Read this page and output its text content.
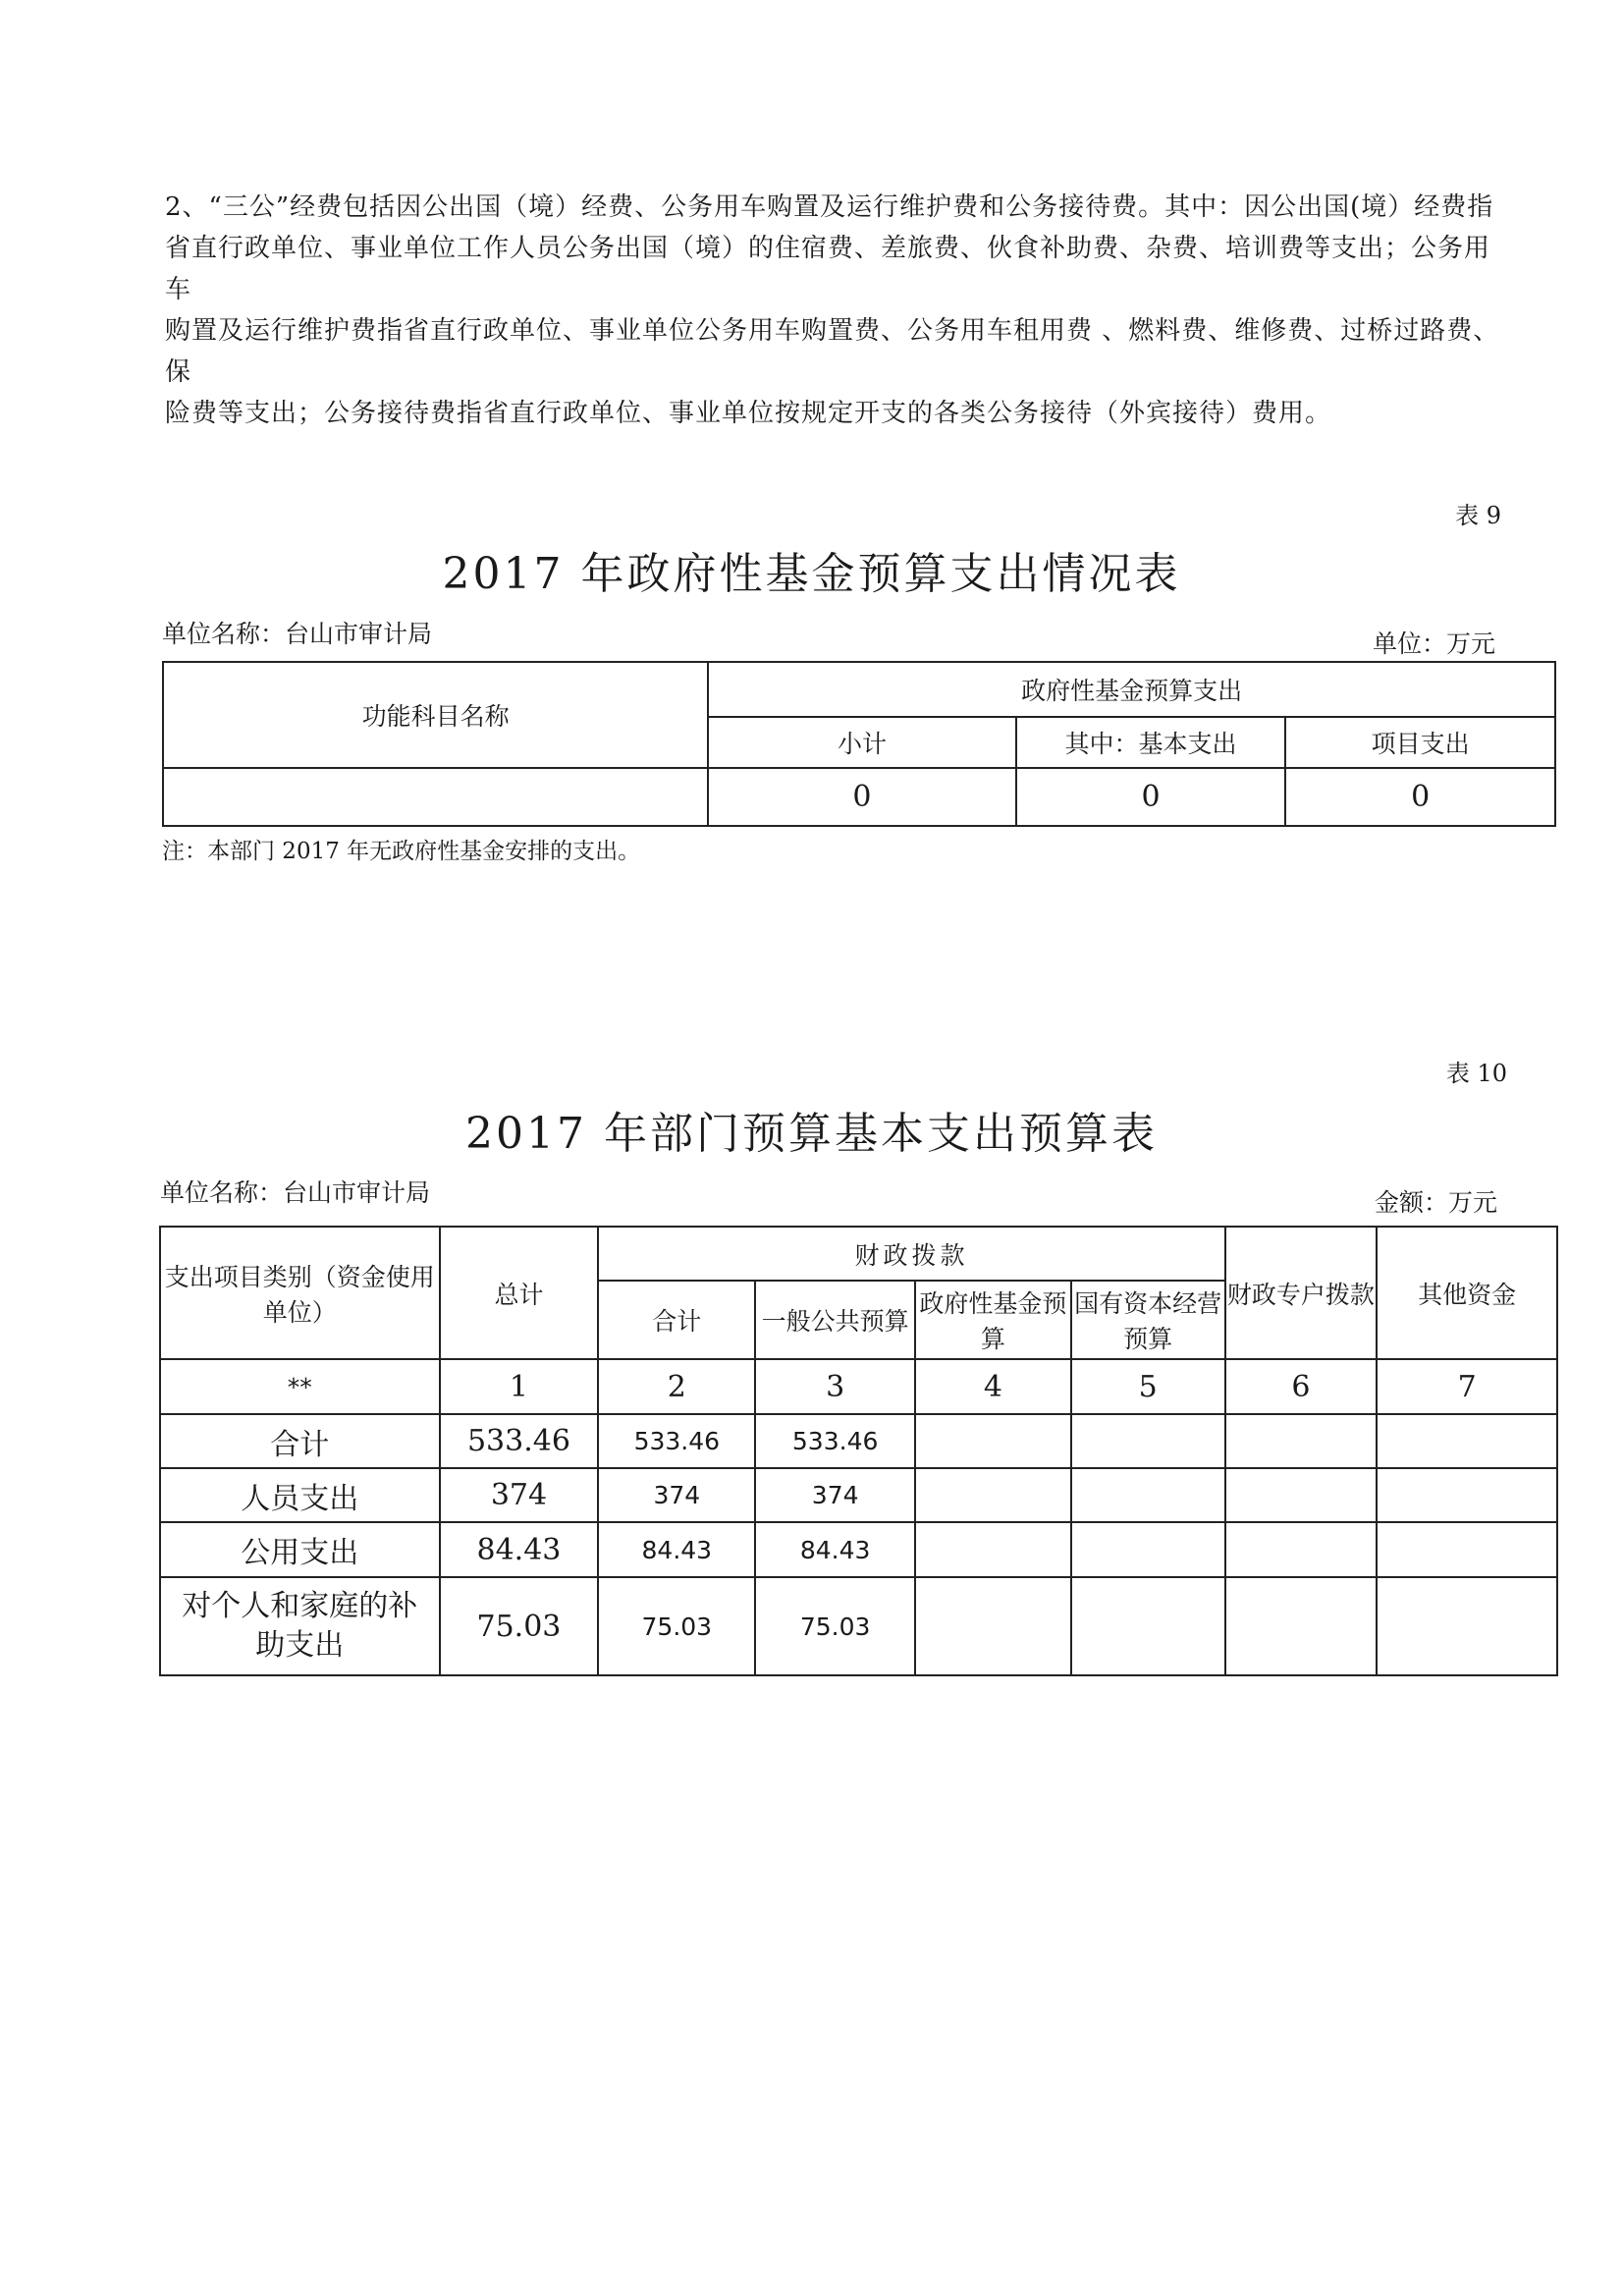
2、“三公”经费包括因公出国（境）经费、公务用车购置及运行维护费和公务接待费。其中：因公出国(境）经费指

省直行政单位、事业单位工作人员公务出国（境）的住宿费、差旅费、伙食补助费、杂费、培训费等支出；公务用车

购置及运行维护费指省直行政单位、事业单位公务用车购置费、公务用车租用费 、燃料费、维修费、过桥过路费、保

险费等支出；公务接待费指省直行政单位、事业单位按规定开支的各类公务接待（外宾接待）费用。

表 9
2017 年政府性基金预算支出情况表
单位名称：台山市审计局	单位：万元
功能科目名称	政府性基金预算支出		
	小计	其中：基本支出	项目支出
	0	0	0
注：本部门 2017 年无政府性基金安排的支出。
表 10
2017 年部门预算基本支出预算表
单位名称：台山市审计局	金额：万元
支出项目类别（资金使用单位）	总计	财政拨款				财政专户拨款	其他资金
		合计	一般公共预算	政府性基金预算	国有资本经营预算		
**	1	2	3	4	5	6	7
合计	533.46	533.46	533.46				
人员支出	374	374	374				
公用支出	84.43	84.43	84.43				
对个人和家庭的补助支出	75.03	75.03	75.03				
